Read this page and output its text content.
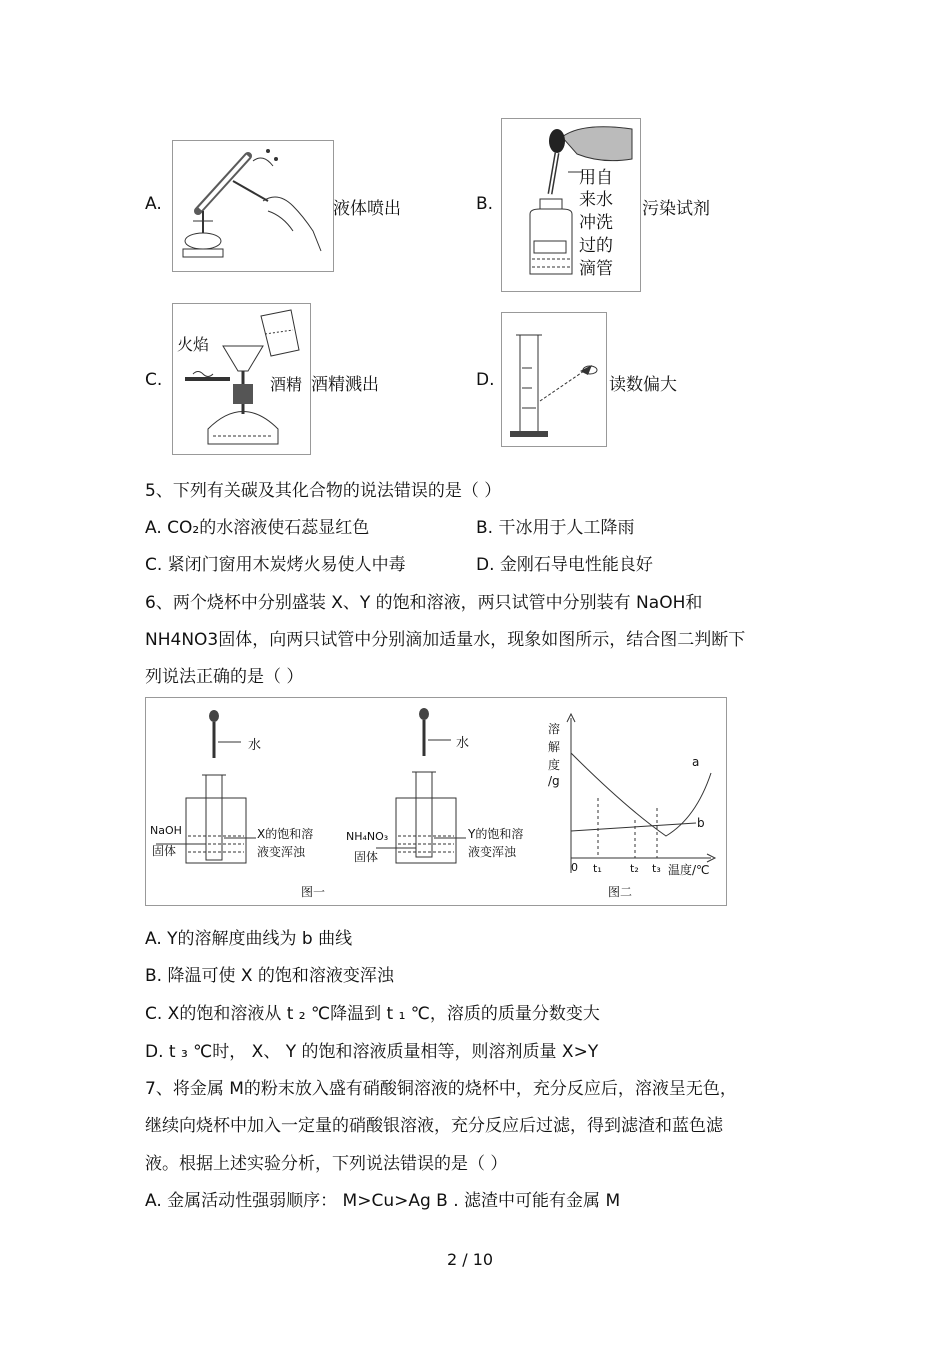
A.	液体喷出	B.
用自
来水
冲洗
过的
滴管
污染试剂
C.
火焰
酒精 酒精溅出	D.	读数偏大
5、下列有关碳及其化合物的说法错误的是（ ）
A. CO₂的水溶液使石蕊显红色	B. 干冰用于人工降雨
C. 紧闭门窗用木炭烤火易使人中毒	D. 金刚石导电性能良好
6、两个烧杯中分别盛装 X、Y 的饱和溶液，两只试管中分别装有 NaOH和
NH4NO3固体，向两只试管中分别滴加适量水，现象如图所示，结合图二判断下
列说法正确的是（ ）
水	水
NaOH
固体
X的饱和溶
液变浑浊
NH₄NO₃
固体
Y的饱和溶
液变浑浊
图一	图二
溶
解
度
/g
0 t₁	t₂ t₃ 温度/℃
a
b
A. Y的溶解度曲线为 b 曲线
B. 降温可使 X 的饱和溶液变浑浊
C. X的饱和溶液从 t ₂ ℃降温到 t ₁ ℃，溶质的质量分数变大
D. t ₃ ℃时， X、 Y 的饱和溶液质量相等，则溶剂质量 X>Y
7、将金属 M的粉末放入盛有硝酸铜溶液的烧杯中，充分反应后，溶液呈无色，
继续向烧杯中加入一定量的硝酸银溶液，充分反应后过滤，得到滤渣和蓝色滤
液。根据上述实验分析，下列说法错误的是（ ）
A. 金属活动性强弱顺序： M>Cu>Ag B . 滤渣中可能有金属 M
2 / 10
